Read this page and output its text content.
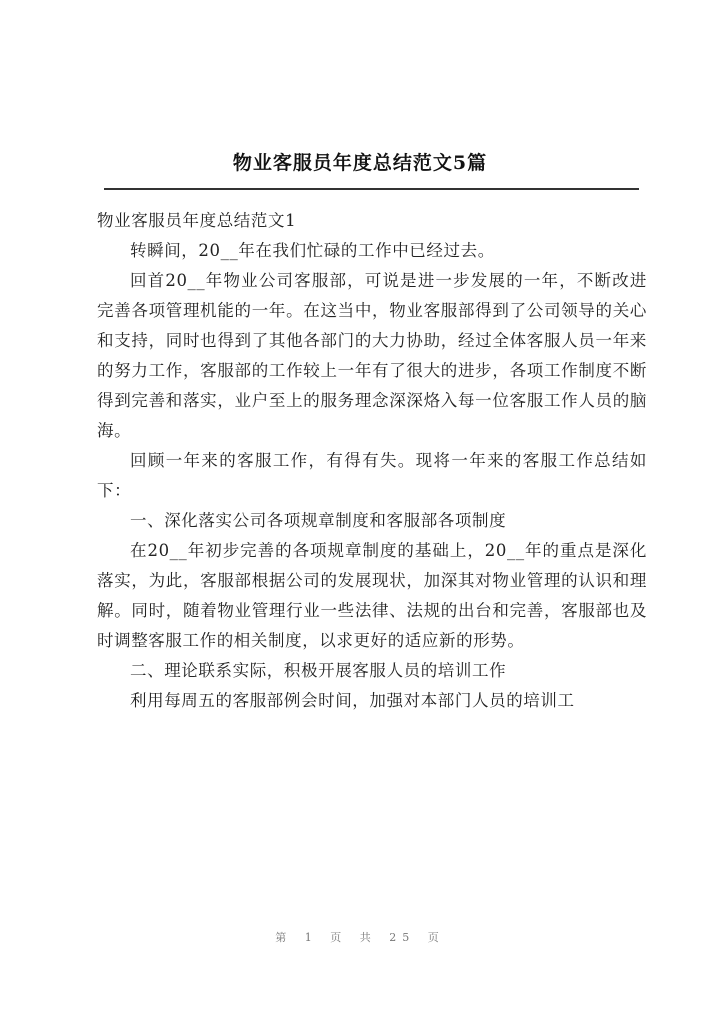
物业客服员年度总结范文5篇

物业客服员年度总结范文1

转瞬间，20__年在我们忙碌的工作中已经过去。

回首20__年物业公司客服部，可说是进一步发展的一年，不断改进完善各项管理机能的一年。在这当中，物业客服部得到了公司领导的关心和支持，同时也得到了其他各部门的大力协助，经过全体客服人员一年来的努力工作，客服部的工作较上一年有了很大的进步，各项工作制度不断得到完善和落实，业户至上的服务理念深深烙入每一位客服工作人员的脑海。

回顾一年来的客服工作，有得有失。现将一年来的客服工作总结如下：

一、深化落实公司各项规章制度和客服部各项制度

在20__年初步完善的各项规章制度的基础上，20__年的重点是深化落实，为此，客服部根据公司的发展现状，加深其对物业管理的认识和理解。同时，随着物业管理行业一些法律、法规的出台和完善，客服部也及时调整客服工作的相关制度，以求更好的适应新的形势。

二、理论联系实际，积极开展客服人员的培训工作

利用每周五的客服部例会时间，加强对本部门人员的培训工

第 1 页 共 25 页
